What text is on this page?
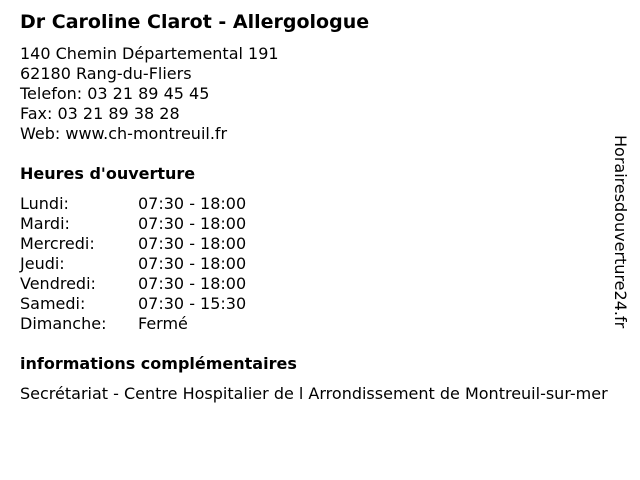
Dr Caroline Clarot - Allergologue
140 Chemin Départemental 191
62180 Rang-du-Fliers
Telefon: 03 21 89 45 45
Fax: 03 21 89 38 28
Web: www.ch-montreuil.fr
Heures d'ouverture
Lundi:	07:30 - 18:00
Mardi:	07:30 - 18:00
Mercredi:	07:30 - 18:00
Jeudi:	07:30 - 18:00
Vendredi:	07:30 - 18:00
Samedi:	07:30 - 15:30
Dimanche: Fermé
informations complémentaires
Secrétariat - Centre Hospitalier de l Arrondissement de Montreuil-sur-mer
Horairesdouverture24.fr
